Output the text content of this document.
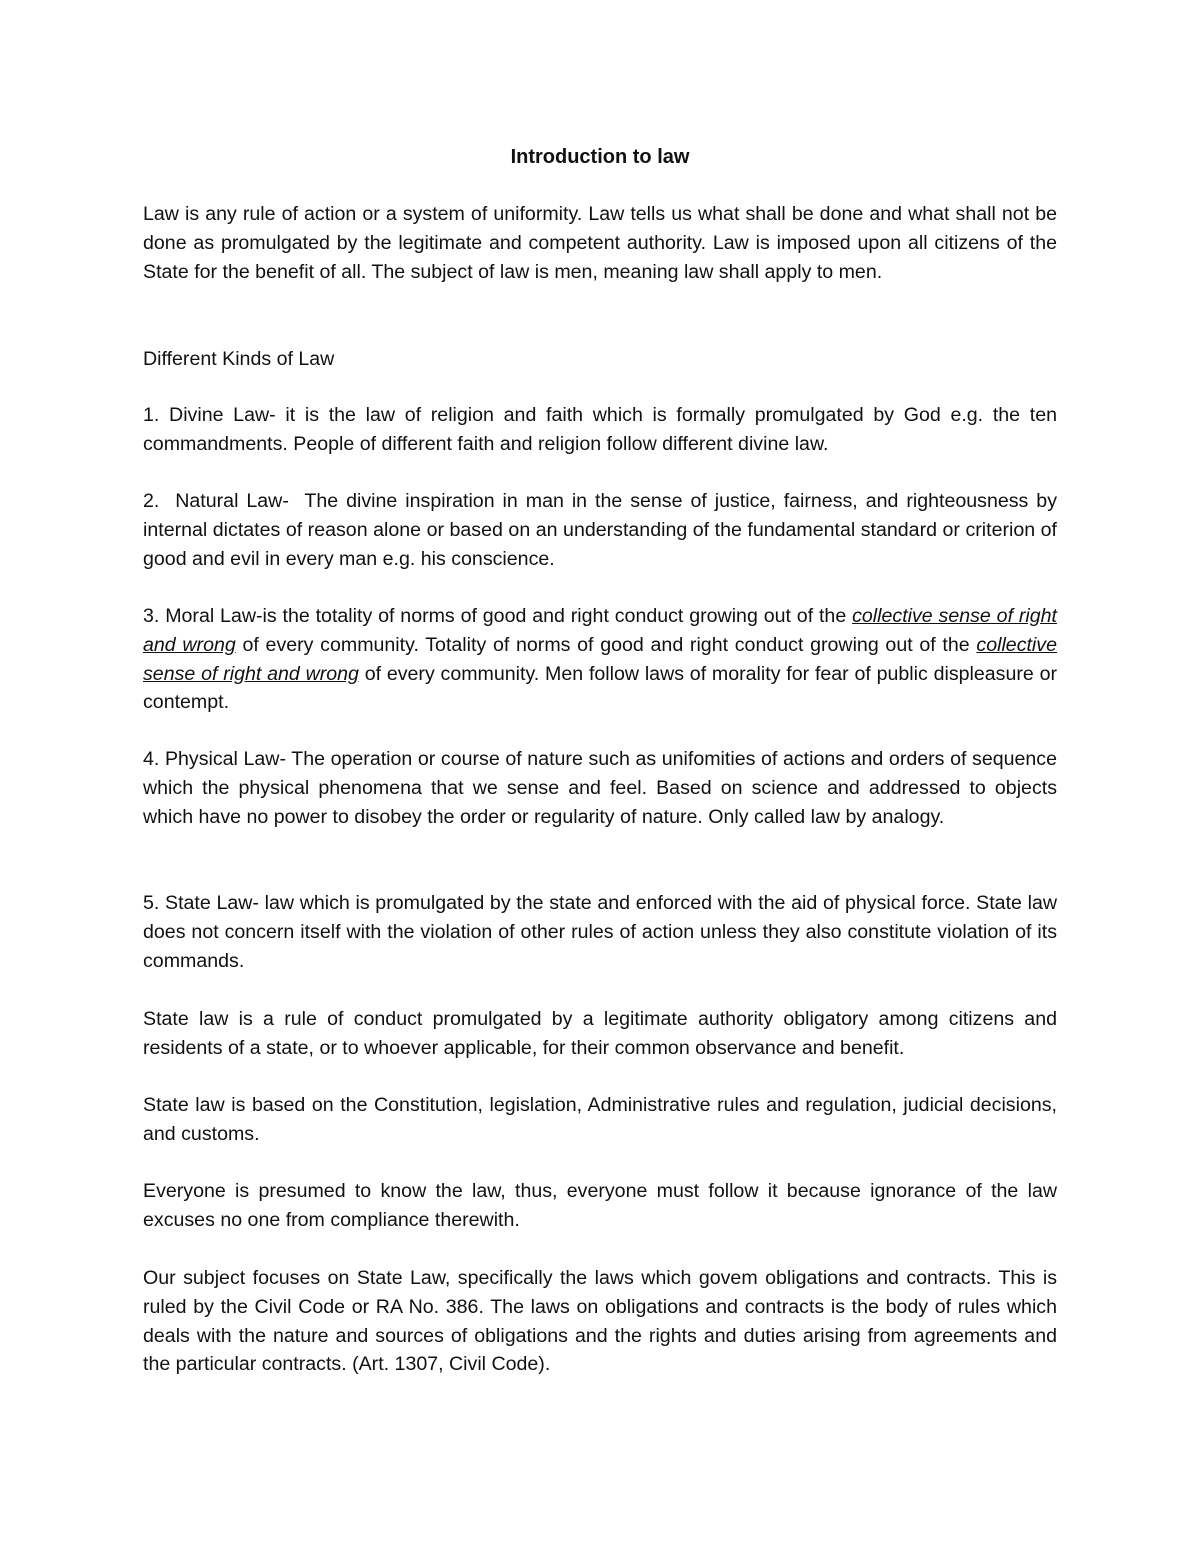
Introduction to law

Law is any rule of action or a system of uniformity. Law tells us what shall be done and what shall not be done as promulgated by the legitimate and competent authority. Law is imposed upon all citizens of the State for the benefit of all. The subject of law is men, meaning law shall apply to men.

Different Kinds of Law

1. Divine Law- it is the law of religion and faith which is formally promulgated by God e.g. the ten commandments. People of different faith and religion follow different divine law.

2.  Natural Law-  The divine inspiration in man in the sense of justice, fairness, and righteousness by internal dictates of reason alone or based on an understanding of the fundamental standard or criterion of good and evil in every man e.g. his conscience.

3. Moral Law-is the totality of norms of good and right conduct growing out of the collective sense of right and wrong of every community. Totality of norms of good and right conduct growing out of the collective sense of right and wrong of every community. Men follow laws of morality for fear of public displeasure or contempt.

4. Physical Law- The operation or course of nature such as unifomities of actions and orders of sequence which the physical phenomena that we sense and feel. Based on science and addressed to objects which have no power to disobey the order or regularity of nature. Only called law by analogy.

5. State Law- law which is promulgated by the state and enforced with the aid of physical force. State law does not concern itself with the violation of other rules of action unless they also constitute violation of its commands.

State law is a rule of conduct promulgated by a legitimate authority obligatory among citizens and residents of a state, or to whoever applicable, for their common observance and benefit.

State law is based on the Constitution, legislation, Administrative rules and regulation, judicial decisions, and customs.

Everyone is presumed to know the law, thus, everyone must follow it because ignorance of the law excuses no one from compliance therewith.

Our subject focuses on State Law, specifically the laws which govem obligations and contracts. This is ruled by the Civil Code or RA No. 386. The laws on obligations and contracts is the body of rules which deals with the nature and sources of obligations and the rights and duties arising from agreements and the particular contracts. (Art. 1307, Civil Code).
